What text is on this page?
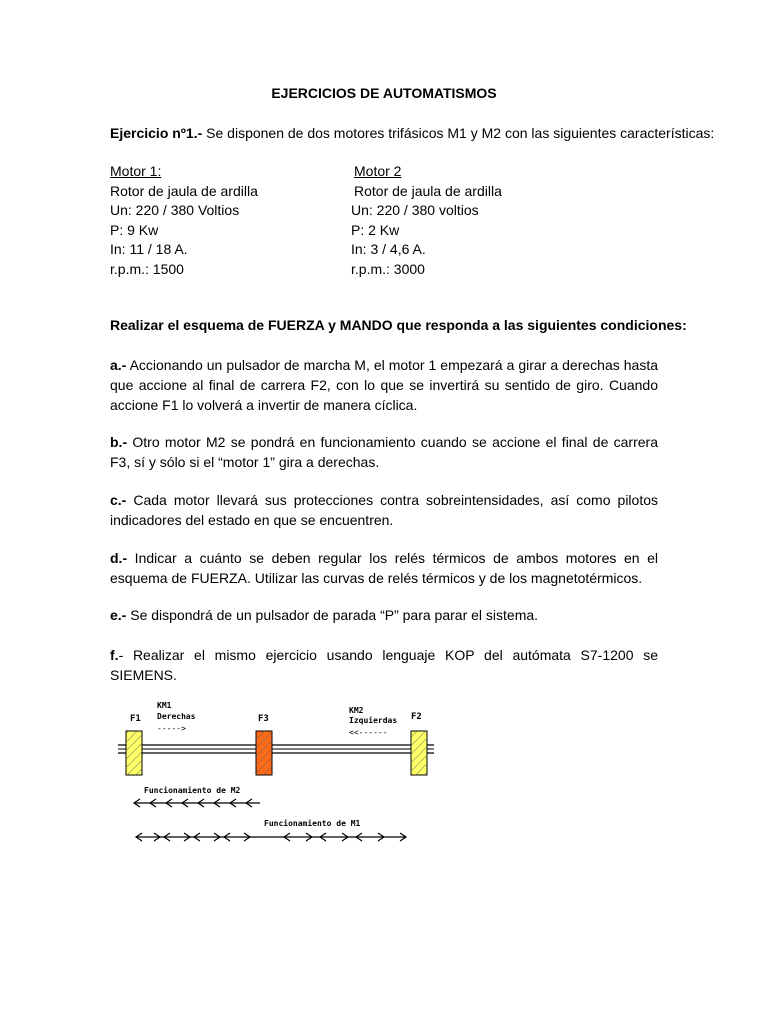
EJERCICIOS DE AUTOMATISMOS
Ejercicio nº1.- Se disponen de dos motores trifásicos M1 y M2 con las siguientes características:
Motor 1:
Rotor de jaula de ardilla
Un: 220 / 380 Voltios
P: 9 Kw
In: 11 / 18 A.
r.p.m.: 1500
Motor 2
Rotor de jaula de ardilla
Un: 220 / 380 voltios
P: 2 Kw
In: 3 / 4,6 A.
r.p.m.: 3000
Realizar el esquema de FUERZA y MANDO que responda a las siguientes condiciones:
a.- Accionando un pulsador de marcha M, el motor 1 empezará a girar a derechas hasta que accione al final de carrera F2, con lo que se invertirá su sentido de giro. Cuando accione F1 lo volverá a invertir de manera cíclica.
b.- Otro motor M2 se pondrá en funcionamiento cuando se accione el final de carrera F3, sí y sólo si el “motor 1” gira a derechas.
c.- Cada motor llevará sus protecciones contra sobreintensidades, así como pilotos indicadores del estado en que se encuentren.
d.- Indicar a cuánto se deben regular los relés térmicos de ambos motores en el esquema de FUERZA. Utilizar las curvas de relés térmicos y de los magnetotérmicos.
e.- Se dispondrá de un pulsador de parada “P” para parar el sistema.
f.- Realizar el mismo ejercicio usando lenguaje KOP del autómata S7-1200 se SIEMENS.
F1
KM1
Derechas
----->
F3
KM2
Izquierdas
<<------
F2
Funcionamiento de M2
Funcionamiento de M1
